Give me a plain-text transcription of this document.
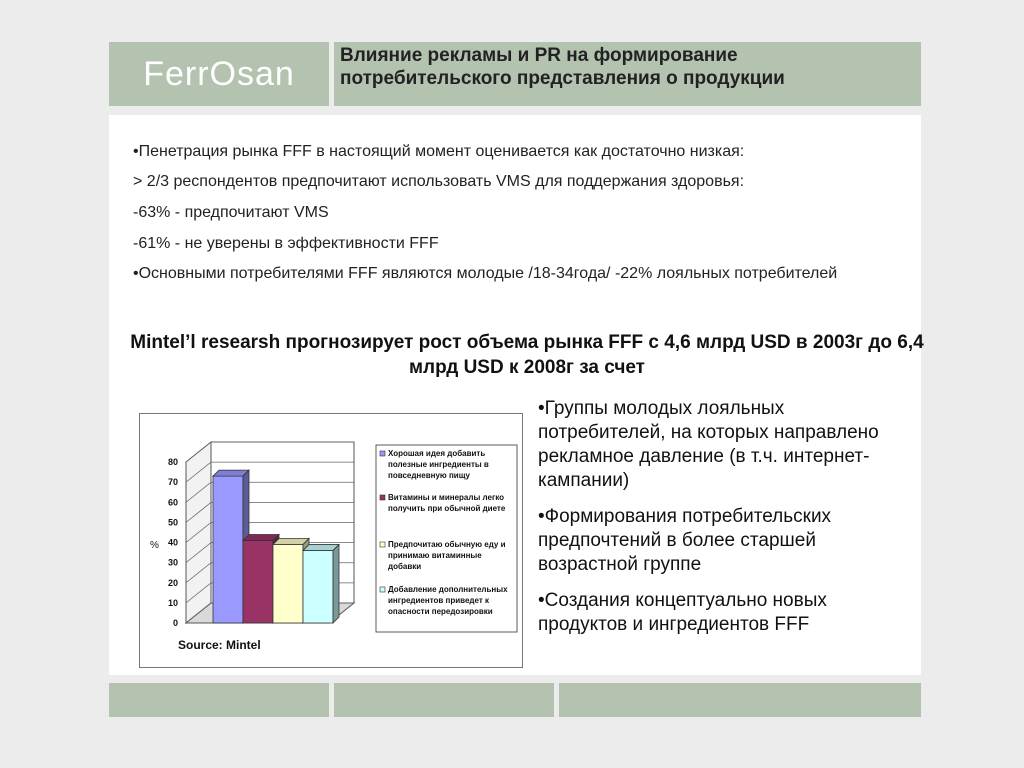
FerrOsan Влияние рекламы и PR на формирование потребительского представления о продукции
•Пенетрация рынка FFF в настоящий момент оценивается как достаточно низкая:
> 2/3 респондентов предпочитают использовать VMS для поддержания здоровья:
-63% - предпочитают VMS
-61% - не уверены в эффективности FFF
•Основными потребителями FFF являются молодые /18-34года/ -22% лояльных потребителей
Mintel’l researsh прогнозирует рост объема рынка FFF с 4,6 млрд USD в 2003г до 6,4 млрд USD к 2008г за счет
•Группы молодых лояльных потребителей, на которых направлено рекламное давление (в т.ч. интернет-кампании)
•Формирования потребительских предпочтений в более старшей возрастной группе
•Создания концептуально новых продуктов и ингредиентов FFF
0
10
20
30
40
50
60
70
80
Хорошая идея добавить полезные ингредиенты в повседневную пищу
Витамины и минералы легко получить при обычной диете
Предпочитаю обычную еду и принимаю витаминные добавки
Добавление дополнительных ингредиентов приведет к опасности передозировки
%
Source: Mintel
